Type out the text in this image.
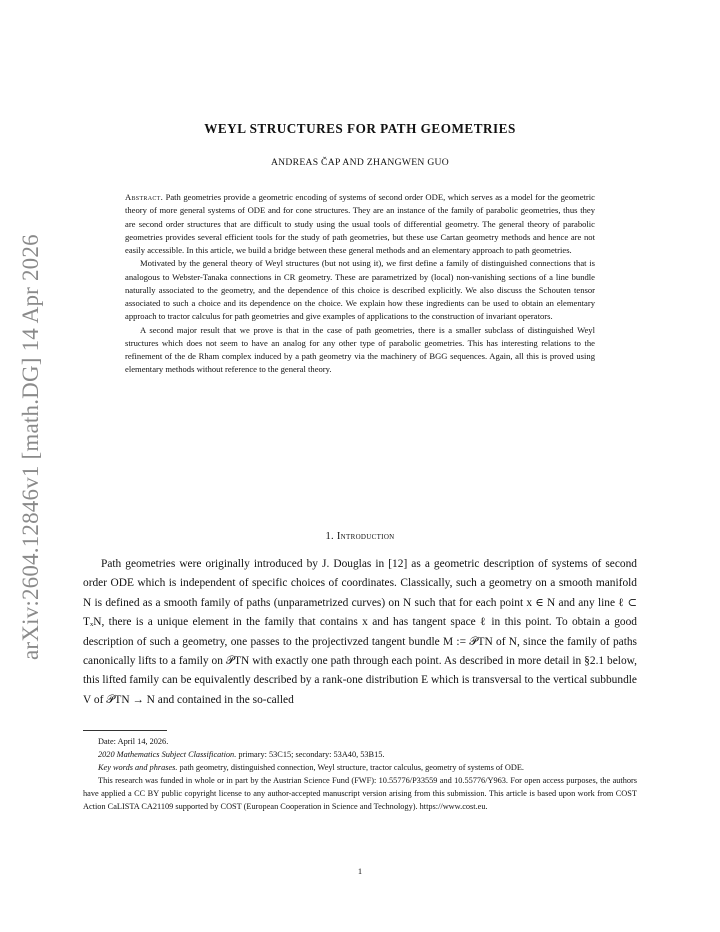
arXiv:2604.12846v1 [math.DG] 14 Apr 2026
WEYL STRUCTURES FOR PATH GEOMETRIES
ANDREAS ČAP AND ZHANGWEN GUO

Abstract. Path geometries provide a geometric encoding of systems of second order ODE, which serves as a model for the geometric theory of more general systems of ODE and for cone structures. They are an instance of the family of parabolic geometries, thus they are second order structures that are difficult to study using the usual tools of differential geometry. The general theory of parabolic geometries provides several efficient tools for the study of path geometries, but these use Cartan geometry methods and hence are not easily accessible. In this article, we build a bridge between these general methods and an elementary approach to path geometries.

Motivated by the general theory of Weyl structures (but not using it), we first define a family of distinguished connections that is analogous to Webster-Tanaka connections in CR geometry. These are parametrized by (local) non-vanishing sections of a line bundle naturally associated to the geometry, and the dependence of this choice is described explicitly. We also discuss the Schouten tensor associated to such a choice and its dependence on the choice. We explain how these ingredients can be used to obtain an elementary approach to tractor calculus for path geometries and give examples of applications to the construction of invariant operators.

A second major result that we prove is that in the case of path geometries, there is a smaller subclass of distinguished Weyl structures which does not seem to have an analog for any other type of parabolic geometries. This has interesting relations to the refinement of the de Rham complex induced by a path geometry via the machinery of BGG sequences. Again, all this is proved using elementary methods without reference to the general theory.

1. Introduction

Path geometries were originally introduced by J. Douglas in [12] as a geometric description of systems of second order ODE which is independent of specific choices of coordinates. Classically, such a geometry on a smooth manifold N is defined as a smooth family of paths (unparametrized curves) on N such that for each point x ∈ N and any line ℓ ⊂ TₓN, there is a unique element in the family that contains x and has tangent space ℓ in this point. To obtain a good description of such a geometry, one passes to the projectivzed tangent bundle M := 𝒫TN of N, since the family of paths canonically lifts to a family on 𝒫TN with exactly one path through each point. As described in more detail in §2.1 below, this lifted family can be equivalently described by a rank-one distribution E which is transversal to the vertical subbundle V of 𝒫TN → N and contained in the so-called

Date: April 14, 2026.

2020 Mathematics Subject Classification. primary: 53C15; secondary: 53A40, 53B15.

Key words and phrases. path geometry, distinguished connection, Weyl structure, tractor calculus, geometry of systems of ODE.

This research was funded in whole or in part by the Austrian Science Fund (FWF): 10.55776/P33559 and 10.55776/Y963. For open access purposes, the authors have applied a CC BY public copyright license to any author-accepted manuscript version arising from this submission. This article is based upon work from COST Action CaLISTA CA21109 supported by COST (European Cooperation in Science and Technology). https://www.cost.eu.

1
